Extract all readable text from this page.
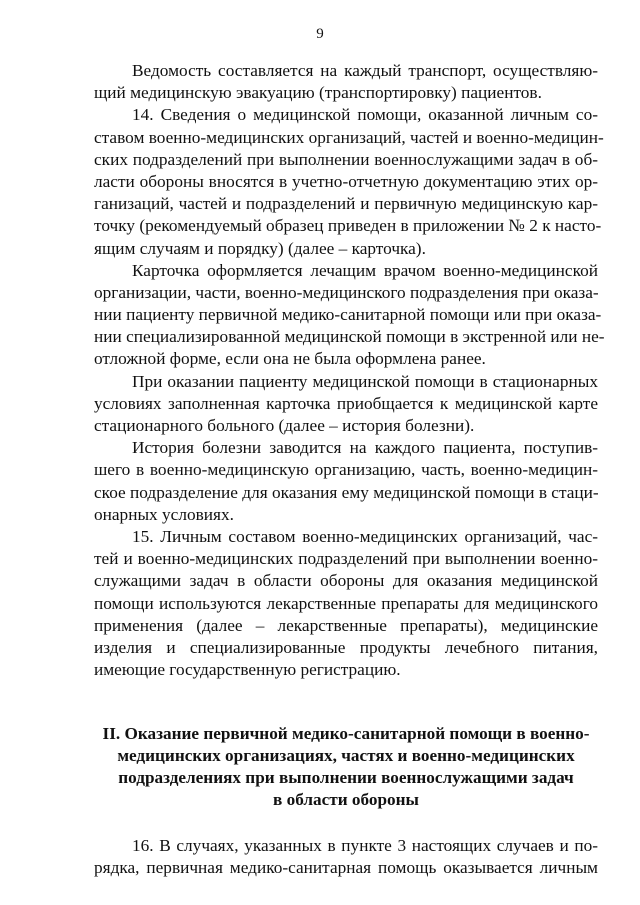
9
Ведомость составляется на каждый транспорт, осуществляю-
щий медицинскую эвакуацию (транспортировку) пациентов.
14. Сведения о медицинской помощи, оказанной личным со-
ставом военно-медицинских организаций, частей и военно-медицин-
ских подразделений при выполнении военнослужащими задач в об-
ласти обороны вносятся в учетно-отчетную документацию этих ор-
ганизаций, частей и подразделений и первичную медицинскую кар-
точку (рекомендуемый образец приведен в приложении № 2 к насто-
ящим случаям и порядку) (далее – карточка).
Карточка оформляется лечащим врачом военно-медицинской
организации, части, военно-медицинского подразделения при оказа-
нии пациенту первичной медико-санитарной помощи или при оказа-
нии специализированной медицинской помощи в экстренной или не-
отложной форме, если она не была оформлена ранее.
При оказании пациенту медицинской помощи в стационарных
условиях заполненная карточка приобщается к медицинской карте
стационарного больного (далее – история болезни).
История болезни заводится на каждого пациента, поступив-
шего в военно-медицинскую организацию, часть, военно-медицин-
ское подразделение для оказания ему медицинской помощи в стаци-
онарных условиях.
15. Личным составом военно-медицинских организаций, час-
тей и военно-медицинских подразделений при выполнении военно-
служащими задач в области обороны для оказания медицинской
помощи используются лекарственные препараты для медицинского
применения (далее – лекарственные препараты), медицинские
изделия и специализированные продукты лечебного питания,
имеющие государственную регистрацию.
II. Оказание первичной медико-санитарной помощи в военно-
медицинских организациях, частях и военно-медицинских
подразделениях при выполнении военнослужащими задач
в области обороны
16. В случаях, указанных в пункте 3 настоящих случаев и по-
рядка, первичная медико-санитарная помощь оказывается личным
